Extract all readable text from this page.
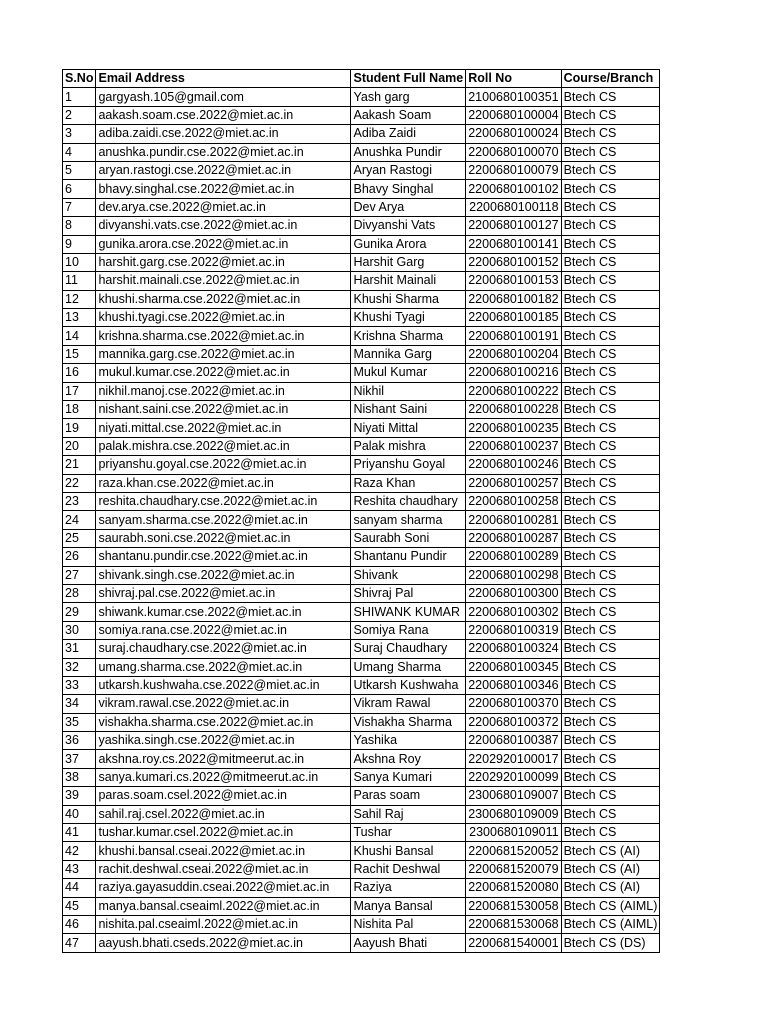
S.No	Email Address	Student Full Name	Roll No	Course/Branch
1	gargyash.105@gmail.com	Yash garg	2100680100351	Btech CS
2	aakash.soam.cse.2022@miet.ac.in	Aakash Soam	2200680100004	Btech CS
3	adiba.zaidi.cse.2022@miet.ac.in	Adiba Zaidi	2200680100024	Btech CS
4	anushka.pundir.cse.2022@miet.ac.in	Anushka Pundir	2200680100070	Btech CS
5	aryan.rastogi.cse.2022@miet.ac.in	Aryan Rastogi	2200680100079	Btech CS
6	bhavy.singhal.cse.2022@miet.ac.in	Bhavy Singhal	2200680100102	Btech CS
7	dev.arya.cse.2022@miet.ac.in	Dev Arya	2200680100118	Btech CS
8	divyanshi.vats.cse.2022@miet.ac.in	Divyanshi Vats	2200680100127	Btech CS
9	gunika.arora.cse.2022@miet.ac.in	Gunika Arora	2200680100141	Btech CS
10	harshit.garg.cse.2022@miet.ac.in	Harshit Garg	2200680100152	Btech CS
11	harshit.mainali.cse.2022@miet.ac.in	Harshit Mainali	2200680100153	Btech CS
12	khushi.sharma.cse.2022@miet.ac.in	Khushi Sharma	2200680100182	Btech CS
13	khushi.tyagi.cse.2022@miet.ac.in	Khushi Tyagi	2200680100185	Btech CS
14	krishna.sharma.cse.2022@miet.ac.in	Krishna Sharma	2200680100191	Btech CS
15	mannika.garg.cse.2022@miet.ac.in	Mannika Garg	2200680100204	Btech CS
16	mukul.kumar.cse.2022@miet.ac.in	Mukul Kumar	2200680100216	Btech CS
17	nikhil.manoj.cse.2022@miet.ac.in	Nikhil	2200680100222	Btech CS
18	nishant.saini.cse.2022@miet.ac.in	Nishant Saini	2200680100228	Btech CS
19	niyati.mittal.cse.2022@miet.ac.in	Niyati Mittal	2200680100235	Btech CS
20	palak.mishra.cse.2022@miet.ac.in	Palak mishra	2200680100237	Btech CS
21	priyanshu.goyal.cse.2022@miet.ac.in	Priyanshu Goyal	2200680100246	Btech CS
22	raza.khan.cse.2022@miet.ac.in	Raza Khan	2200680100257	Btech CS
23	reshita.chaudhary.cse.2022@miet.ac.in	Reshita chaudhary	2200680100258	Btech CS
24	sanyam.sharma.cse.2022@miet.ac.in	sanyam sharma	2200680100281	Btech CS
25	saurabh.soni.cse.2022@miet.ac.in	Saurabh Soni	2200680100287	Btech CS
26	shantanu.pundir.cse.2022@miet.ac.in	Shantanu Pundir	2200680100289	Btech CS
27	shivank.singh.cse.2022@miet.ac.in	Shivank	2200680100298	Btech CS
28	shivraj.pal.cse.2022@miet.ac.in	Shivraj Pal	2200680100300	Btech CS
29	shiwank.kumar.cse.2022@miet.ac.in	SHIWANK KUMAR	2200680100302	Btech CS
30	somiya.rana.cse.2022@miet.ac.in	Somiya Rana	2200680100319	Btech CS
31	suraj.chaudhary.cse.2022@miet.ac.in	Suraj Chaudhary	2200680100324	Btech CS
32	umang.sharma.cse.2022@miet.ac.in	Umang Sharma	2200680100345	Btech CS
33	utkarsh.kushwaha.cse.2022@miet.ac.in	Utkarsh Kushwaha	2200680100346	Btech CS
34	vikram.rawal.cse.2022@miet.ac.in	Vikram Rawal	2200680100370	Btech CS
35	vishakha.sharma.cse.2022@miet.ac.in	Vishakha Sharma	2200680100372	Btech CS
36	yashika.singh.cse.2022@miet.ac.in	Yashika	2200680100387	Btech CS
37	akshna.roy.cs.2022@mitmeerut.ac.in	Akshna Roy	2202920100017	Btech CS
38	sanya.kumari.cs.2022@mitmeerut.ac.in	Sanya Kumari	2202920100099	Btech CS
39	paras.soam.csel.2022@miet.ac.in	Paras soam	2300680109007	Btech CS
40	sahil.raj.csel.2022@miet.ac.in	Sahil Raj	2300680109009	Btech CS
41	tushar.kumar.csel.2022@miet.ac.in	Tushar	2300680109011	Btech CS
42	khushi.bansal.cseai.2022@miet.ac.in	Khushi Bansal	2200681520052	Btech CS (AI)
43	rachit.deshwal.cseai.2022@miet.ac.in	Rachit Deshwal	2200681520079	Btech CS (AI)
44	raziya.gayasuddin.cseai.2022@miet.ac.in	Raziya	2200681520080	Btech CS (AI)
45	manya.bansal.cseaiml.2022@miet.ac.in	Manya Bansal	2200681530058	Btech CS (AIML)
46	nishita.pal.cseaiml.2022@miet.ac.in	Nishita Pal	2200681530068	Btech CS (AIML)
47	aayush.bhati.cseds.2022@miet.ac.in	Aayush Bhati	2200681540001	Btech CS (DS)
